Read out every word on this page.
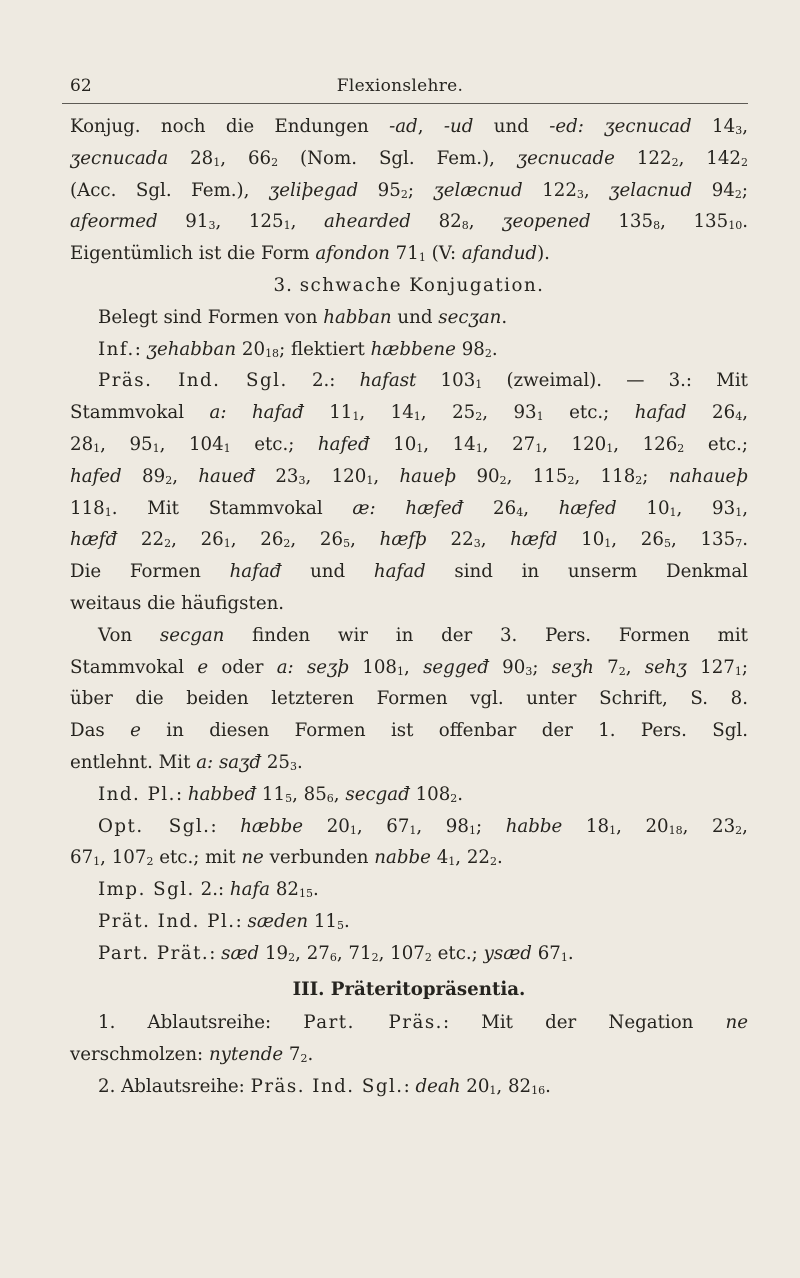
62	Flexionslehre.
Konjug. noch die Endungen -ad, -ud und -ed: ʒecnucad $14_3$,
ʒecnucada $28_1$, $66_2$ (Nom. Sgl. Fem.), ʒecnucade $122_2$, $142_2$
(Acc. Sgl. Fem.), ʒeliþegad $95_2$; ʒelæcnud $122_3$, ʒelacnud $94_2$;
afeormed $91_3$, $125_1$, ahearded $82_8$, ʒeopened $135_8$, $135_{10}$.
Eigentümlich ist die Form afondon $71_1$ (V: afandud).
3. schwache Konjugation.
Belegt sind Formen von habban und secʒan.
Inf.: ʒehabban $20_{18}$; flektiert hæbbene $98_2$.
Präs. Ind. Sgl. 2.: hafast $103_1$ (zweimal). — 3.: Mit
Stammvokal a: hafađ $11_1$, $14_1$, $25_2$, $93_1$ etc.; hafad $26_4$,
$28_1$, $95_1$, $104_1$ etc.; hafeđ $10_1$, $14_1$, $27_1$, $120_1$, $126_2$ etc.;
hafed $89_2$, haueđ $23_3$, $120_1$, haueþ $90_2$, $115_2$, $118_2$; nahaueþ
$118_1$. Mit Stammvokal æ: hæfeđ $26_4$, hæfed $10_1$, $93_1$,
hæfđ $22_2$, $26_1$, $26_2$, $26_5$, hæfþ $22_3$, hæfd $10_1$, $26_5$, $135_7$.
Die Formen hafađ und hafad sind in unserm Denkmal
weitaus die häufigsten.
Von secgan finden wir in der 3. Pers. Formen mit
Stammvokal e oder a: seʒþ $108_1$, seggeđ $90_3$; seʒh $7_2$, sehʒ $127_1$;
über die beiden letzteren Formen vgl. unter Schrift, S. 8.
Das e in diesen Formen ist offenbar der 1. Pers. Sgl.
entlehnt. Mit a: saʒđ $25_3$.
Ind. Pl.: habbeđ $11_5$, $85_6$, secgađ $108_2$.
Opt. Sgl.: hæbbe $20_1$, $67_1$, $98_1$; habbe $18_1$, $20_{18}$, $23_2$,
$67_1$, $107_2$ etc.; mit ne verbunden nabbe $4_1$, $22_2$.
Imp. Sgl. 2.: hafa $82_{15}$.
Prät. Ind. Pl.: sæden $11_5$.
Part. Prät.: sæd $19_2$, $27_6$, $71_2$, $107_2$ etc.; ysæd $67_1$.
III. Präteritopräsentia.
1. Ablautsreihe: Part. Präs.: Mit der Negation ne
verschmolzen: nytende $7_2$.
2. Ablautsreihe: Präs. Ind. Sgl.: deah $20_1$, $82_{16}$.
